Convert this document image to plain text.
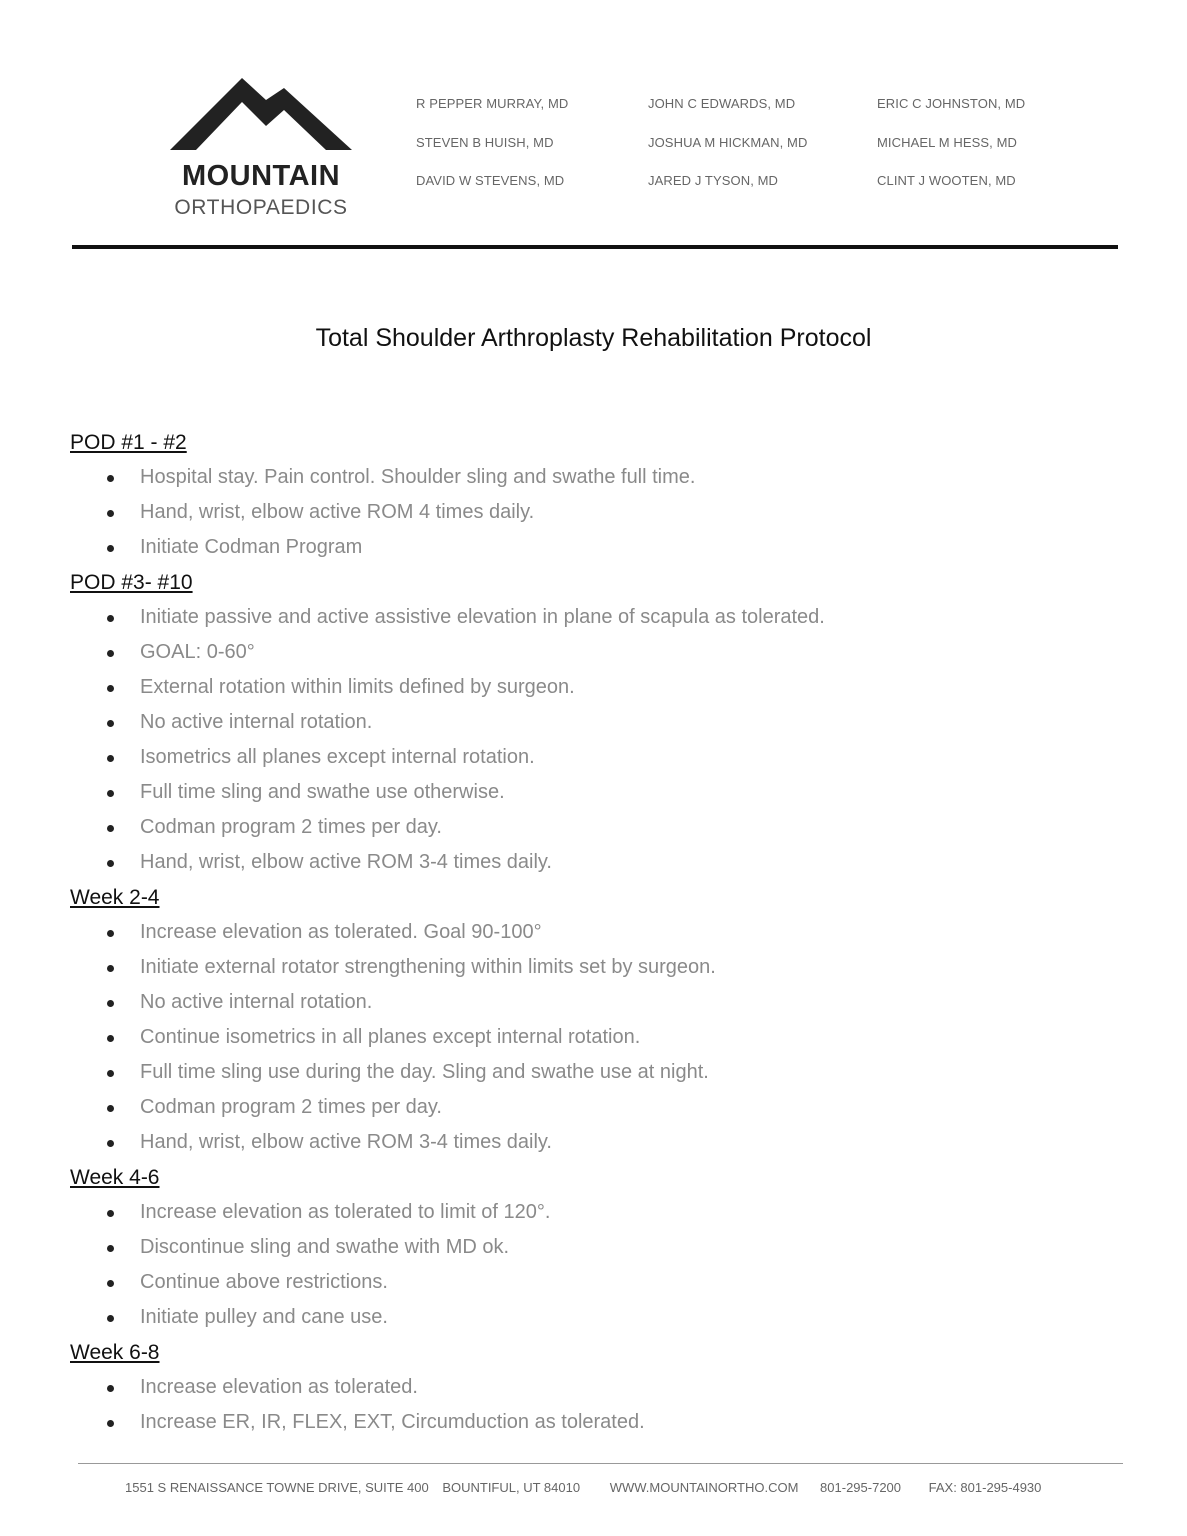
MOUNTAIN
ORTHOPAEDICS
R PEPPER MURRAY, MD
STEVEN B HUISH, MD
DAVID W STEVENS, MD
JOHN C EDWARDS, MD
JOSHUA M HICKMAN, MD
JARED J TYSON, MD
ERIC C JOHNSTON, MD
MICHAEL M HESS, MD
CLINT J WOOTEN, MD
Total Shoulder Arthroplasty Rehabilitation Protocol
POD #1 - #2
Hospital stay. Pain control. Shoulder sling and swathe full time.
Hand, wrist, elbow active ROM 4 times daily.
Initiate Codman Program
POD #3- #10
Initiate passive and active assistive elevation in plane of scapula as tolerated.
GOAL: 0-60°
External rotation within limits defined by surgeon.
No active internal rotation.
Isometrics all planes except internal rotation.
Full time sling and swathe use otherwise.
Codman program 2 times per day.
Hand, wrist, elbow active ROM 3-4 times daily.
Week 2-4
Increase elevation as tolerated. Goal 90-100°
Initiate external rotator strengthening within limits set by surgeon.
No active internal rotation.
Continue isometrics in all planes except internal rotation.
Full time sling use during the day. Sling and swathe use at night.
Codman program 2 times per day.
Hand, wrist, elbow active ROM 3-4 times daily.
Week 4-6
Increase elevation as tolerated to limit of 120°.
Discontinue sling and swathe with MD ok.
Continue above restrictions.
Initiate pulley and cane use.
Week 6-8
Increase elevation as tolerated.
Increase ER, IR, FLEX, EXT, Circumduction as tolerated.
1551 S RENAISSANCE TOWNE DRIVE, SUITE 400 BOUNTIFUL, UT 84010 WWW.MOUNTAINORTHO.COM 801-295-7200 FAX: 801-295-4930
